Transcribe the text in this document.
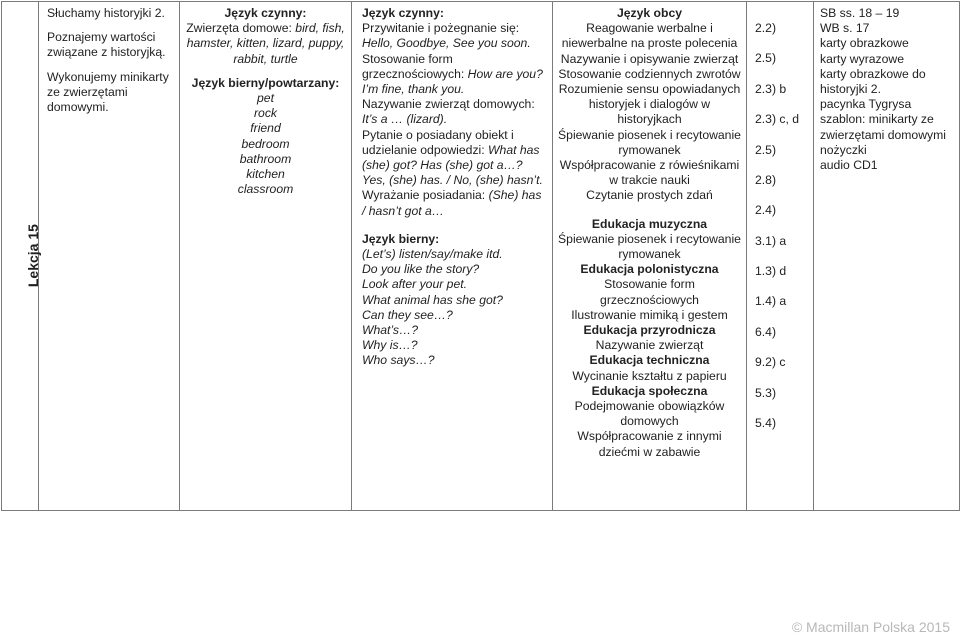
Lekcja 15	
Słuchamy historyjki 2.
Poznajemy wartości związane z historyjką.
Wykonujemy minikarty ze zwierzętami domowymi.

Język czynny:
Zwierzęta domowe: bird, fish, hamster, kitten, lizard, puppy, rabbit, turtle
Język bierny/powtarzany:
pet
rock
friend
bedroom
bathroom
kitchen
classroom

Język czynny:
Przywitanie i pożegnanie się: Hello, Goodbye, See you soon.
Stosowanie form grzecznościowych: How are you? I’m fine, thank you.
Nazywanie zwierząt domowych: It’s a … (lizard).
Pytanie o posiadany obiekt i udzielanie odpowiedzi: What has (she) got? Has (she) got a…? Yes, (she) has. / No, (she) hasn’t.
Wyrażanie posiadania: (She) has / hasn’t got a…
Język bierny:
(Let’s) listen/say/make itd.
Do you like the story?
Look after your pet.
What animal has she got?
Can they see…?
What’s…?
Why is…?
Who says…?

Język obcy
Reagowanie werbalne i niewerbalne na proste polecenia
Nazywanie i opisywanie zwierząt
Stosowanie codziennych zwrotów
Rozumienie sensu opowiadanych historyjek i dialogów w historyjkach
Śpiewanie piosenek i recytowanie rymowanek
Współpracowanie z rówieśnikami w trakcie nauki
Czytanie prostych zdań
Edukacja muzyczna
Śpiewanie piosenek i recytowanie rymowanek
Edukacja polonistyczna
Stosowanie form grzecznościowych
Ilustrowanie mimiką i gestem
Edukacja przyrodnicza
Nazywanie zwierząt
Edukacja techniczna
Wycinanie kształtu z papieru
Edukacja społeczna
Podejmowanie obowiązków domowych
Współpracowanie z innymi dziećmi w zabawie

2.2)
2.5)
2.3) b
2.3) c, d
2.5)
2.8)
2.4)
3.1) a
1.3) d
1.4) a
6.4)
9.2) c
5.3)
5.4)

SB ss. 18 – 19
WB s. 17
karty obrazkowe
karty wyrazowe
karty obrazkowe do historyjki 2.
pacynka Tygrysa
szablon: minikarty ze zwierzętami domowymi
nożyczki
audio CD1
© Macmillan Polska 2015
